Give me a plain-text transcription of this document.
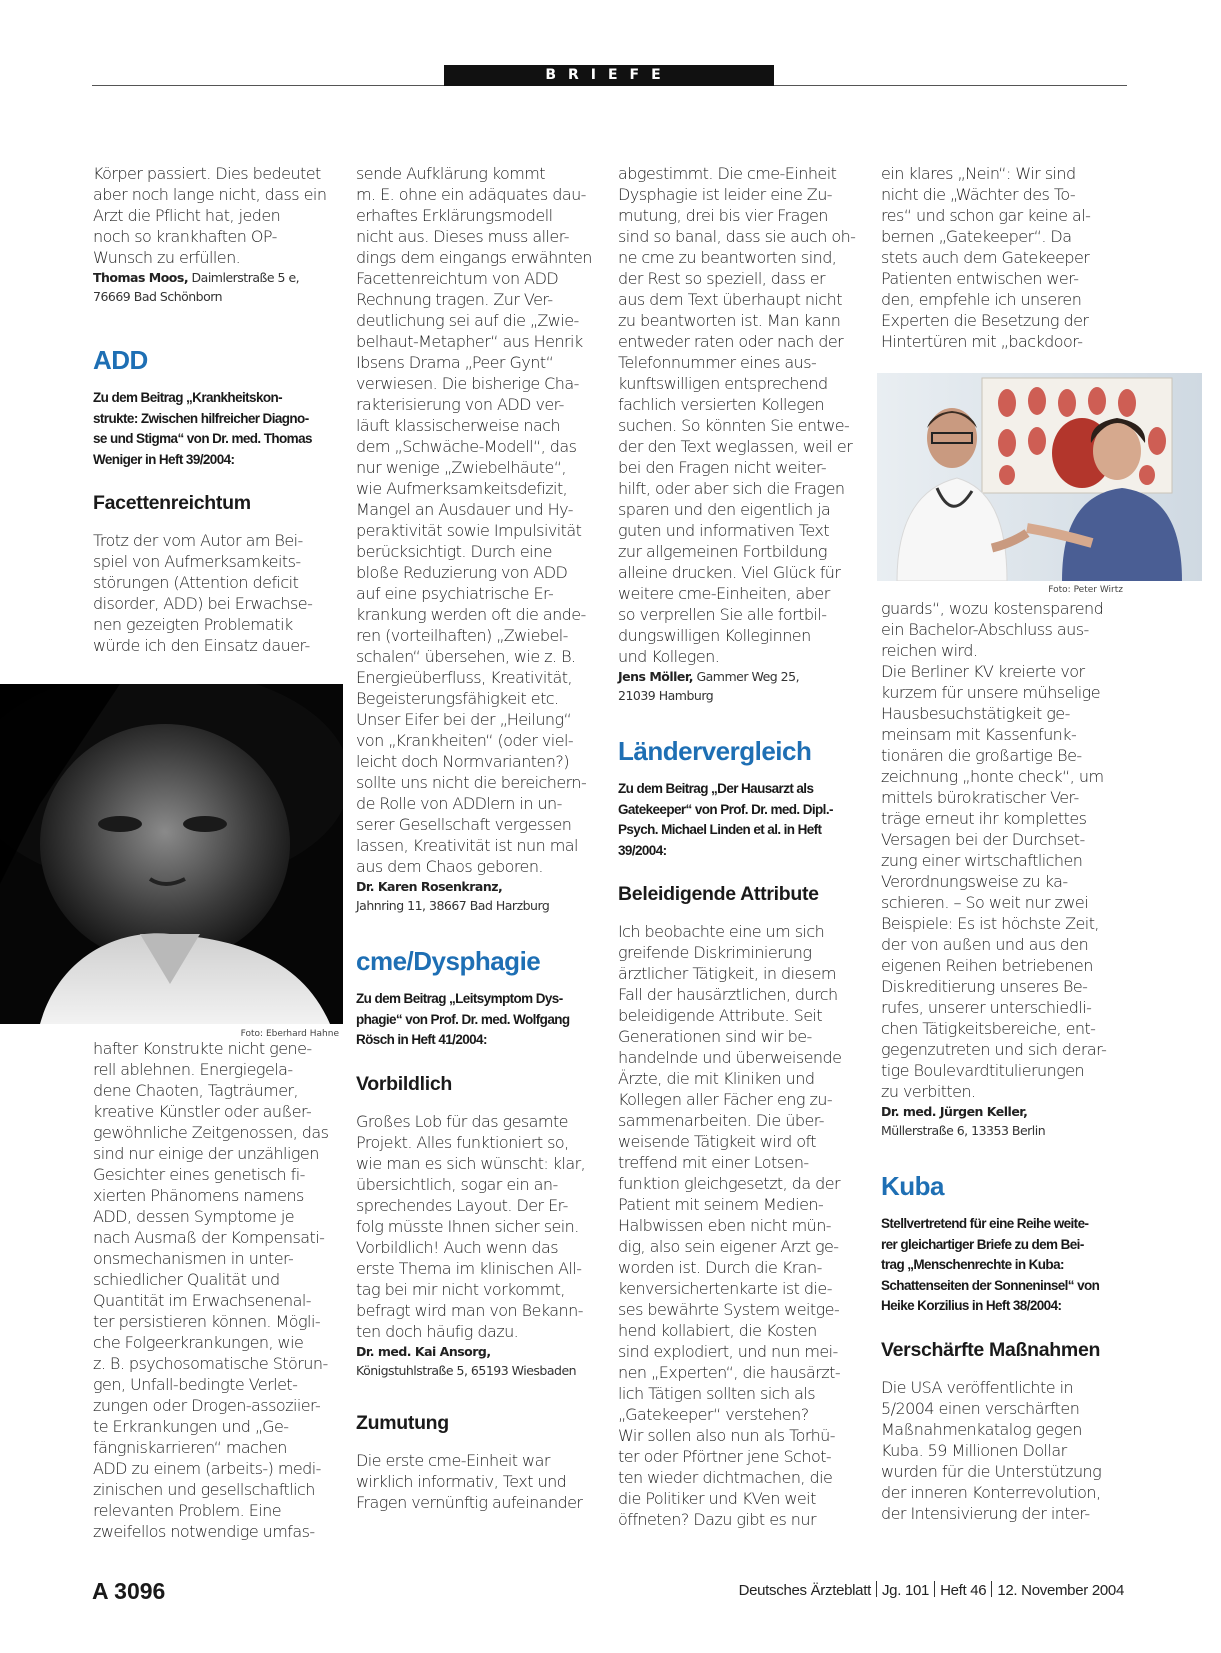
BRIEFE

Körper passiert. Dies bedeutet
aber noch lange nicht, dass ein
Arzt die Pflicht hat, jeden
noch so krankhaften OP-
Wunsch zu erfüllen.

Thomas Moos, Daimlerstraße 5 e,
76669 Bad Schönborn

ADD

Zu dem Beitrag „Krankheitskon-
strukte: Zwischen hilfreicher Diagno-
se und Stigma“ von Dr. med. Thomas
Weniger in Heft 39/2004:

Facettenreichtum

Trotz der vom Autor am Bei-
spiel von Aufmerksamkeits-
störungen (Attention deficit
disorder, ADD) bei Erwachse-
nen gezeigten Problematik
würde ich den Einsatz dauer-

Foto: Eberhard Hahne

hafter Konstrukte nicht gene-
rell ablehnen. Energiegela-
dene Chaoten, Tagträumer,
kreative Künstler oder außer-
gewöhnliche Zeitgenossen, das
sind nur einige der unzähligen
Gesichter eines genetisch fi-
xierten Phänomens namens
ADD, dessen Symptome je
nach Ausmaß der Kompensati-
onsmechanismen in unter-
schiedlicher Qualität und
Quantität im Erwachsenenal-
ter persistieren können. Mögli-
che Folgeerkrankungen, wie
z. B. psychosomatische Störun-
gen, Unfall-bedingte Verlet-
zungen oder Drogen-assoziier-
te Erkrankungen und „Ge-
fängniskarrieren“ machen
ADD zu einem (arbeits-) medi-
zinischen und gesellschaftlich
relevanten Problem. Eine
zweifellos notwendige umfas-

sende Aufklärung kommt
m. E. ohne ein adäquates dau-
erhaftes Erklärungsmodell
nicht aus. Dieses muss aller-
dings dem eingangs erwähnten
Facettenreichtum von ADD
Rechnung tragen. Zur Ver-
deutlichung sei auf die „Zwie-
belhaut-Metapher“ aus Henrik
Ibsens Drama „Peer Gynt“
verwiesen. Die bisherige Cha-
rakterisierung von ADD ver-
läuft klassischerweise nach
dem „Schwäche-Modell“, das
nur wenige „Zwiebelhäute“,
wie Aufmerksamkeitsdefizit,
Mangel an Ausdauer und Hy-
peraktivität sowie Impulsivität
berücksichtigt. Durch eine
bloße Reduzierung von ADD
auf eine psychiatrische Er-
krankung werden oft die ande-
ren (vorteilhaften) „Zwiebel-
schalen“ übersehen, wie z. B.
Energieüberfluss, Kreativität,
Begeisterungsfähigkeit etc.
Unser Eifer bei der „Heilung“
von „Krankheiten“ (oder viel-
leicht doch Normvarianten?)
sollte uns nicht die bereichern-
de Rolle von ADDlern in un-
serer Gesellschaft vergessen
lassen, Kreativität ist nun mal
aus dem Chaos geboren.

Dr. Karen Rosenkranz,
Jahnring 11, 38667 Bad Harzburg

cme/Dysphagie

Zu dem Beitrag „Leitsymptom Dys-
phagie“ von Prof. Dr. med. Wolfgang
Rösch in Heft 41/2004:

Vorbildlich

Großes Lob für das gesamte
Projekt. Alles funktioniert so,
wie man es sich wünscht: klar,
übersichtlich, sogar ein an-
sprechendes Layout. Der Er-
folg müsste Ihnen sicher sein.
Vorbildlich! Auch wenn das
erste Thema im klinischen All-
tag bei mir nicht vorkommt,
befragt wird man von Bekann-
ten doch häufig dazu.

Dr. med. Kai Ansorg,
Königstuhlstraße 5, 65193 Wiesbaden

Zumutung

Die erste cme-Einheit war
wirklich informativ, Text und
Fragen vernünftig aufeinander

abgestimmt. Die cme-Einheit
Dysphagie ist leider eine Zu-
mutung, drei bis vier Fragen
sind so banal, dass sie auch oh-
ne cme zu beantworten sind,
der Rest so speziell, dass er
aus dem Text überhaupt nicht
zu beantworten ist. Man kann
entweder raten oder nach der
Telefonnummer eines aus-
kunftswilligen entsprechend
fachlich versierten Kollegen
suchen. So könnten Sie entwe-
der den Text weglassen, weil er
bei den Fragen nicht weiter-
hilft, oder aber sich die Fragen
sparen und den eigentlich ja
guten und informativen Text
zur allgemeinen Fortbildung
alleine drucken. Viel Glück für
weitere cme-Einheiten, aber
so verprellen Sie alle fortbil-
dungswilligen Kolleginnen
und Kollegen.

Jens Möller, Gammer Weg 25,
21039 Hamburg

Ländervergleich

Zu dem Beitrag „Der Hausarzt als
Gatekeeper“ von Prof. Dr. med. Dipl.-
Psych. Michael Linden et al. in Heft
39/2004:

Beleidigende Attribute

Ich beobachte eine um sich
greifende Diskriminierung
ärztlicher Tätigkeit, in diesem
Fall der hausärztlichen, durch
beleidigende Attribute. Seit
Generationen sind wir be-
handelnde und überweisende
Ärzte, die mit Kliniken und
Kollegen aller Fächer eng zu-
sammenarbeiten. Die über-
weisende Tätigkeit wird oft
treffend mit einer Lotsen-
funktion gleichgesetzt, da der
Patient mit seinem Medien-
Halbwissen eben nicht mün-
dig, also sein eigener Arzt ge-
worden ist. Durch die Kran-
kenversichertenkarte ist die-
ses bewährte System weitge-
hend kollabiert, die Kosten
sind explodiert, und nun mei-
nen „Experten“, die hausärzt-
lich Tätigen sollten sich als
„Gatekeeper“ verstehen?
Wir sollen also nun als Torhü-
ter oder Pförtner jene Schot-
ten wieder dichtmachen, die
die Politiker und KVen weit
öffneten? Dazu gibt es nur

ein klares „Nein“: Wir sind
nicht die „Wächter des To-
res“ und schon gar keine al-
bernen „Gatekeeper“. Da
stets auch dem Gatekeeper
Patienten entwischen wer-
den, empfehle ich unseren
Experten die Besetzung der
Hintertüren mit „backdoor-

Foto: Peter Wirtz

guards“, wozu kostensparend
ein Bachelor-Abschluss aus-
reichen wird.
Die Berliner KV kreierte vor
kurzem für unsere mühselige
Hausbesuchstätigkeit ge-
meinsam mit Kassenfunk-
tionären die großartige Be-
zeichnung „honte check“, um
mittels bürokratischer Ver-
träge erneut ihr komplettes
Versagen bei der Durchset-
zung einer wirtschaftlichen
Verordnungsweise zu ka-
schieren. – So weit nur zwei
Beispiele: Es ist höchste Zeit,
der von außen und aus den
eigenen Reihen betriebenen
Diskreditierung unseres Be-
rufes, unserer unterschiedli-
chen Tätigkeitsbereiche, ent-
gegenzutreten und sich derar-
tige Boulevardtitulierungen
zu verbitten.

Dr. med. Jürgen Keller,
Müllerstraße 6, 13353 Berlin

Kuba

Stellvertretend für eine Reihe weite-
rer gleichartiger Briefe zu dem Bei-
trag „Menschenrechte in Kuba:
Schattenseiten der Sonneninsel“ von
Heike Korzilius in Heft 38/2004:

Verschärfte Maßnahmen

Die USA veröffentlichte in
5/2004 einen verschärften
Maßnahmenkatalog gegen
Kuba. 59 Millionen Dollar
wurden für die Unterstützung
der inneren Konterrevolution,
der Intensivierung der inter-

A 3096	Deutsches Ärzteblatt Jg. 101 Heft 46 12. November 2004
